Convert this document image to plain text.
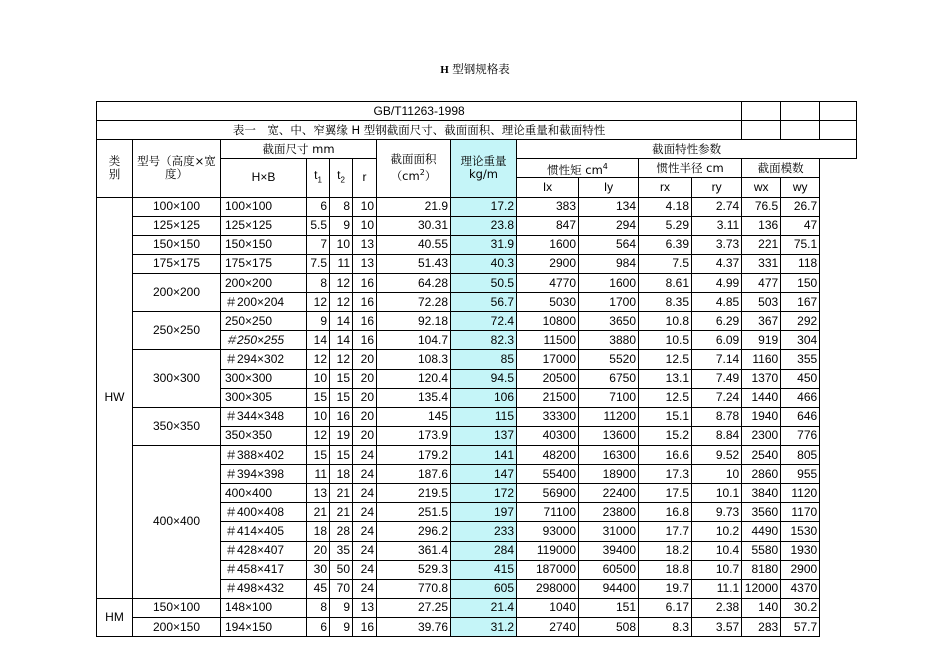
H 型钢规格表
GB/T11263-1998														
表一　宽、中、窄翼缘 H 型钢截面尺寸、截面面积、理论重量和截面特性														
类别	型号（高度×宽度）	截面尺寸 mm				截面面积$(cm^2)$	理论重量 kg/m	截面特性参数						
		H×B	$t_1$	$t_2$	r			惯性矩 $cm^4$		惯性半径 cm		截面模数		
								Ix	Iy	rx	ry	wx	wy	
HW	100×100	100×100	6	8	10	21.9	17.2	383	134	4.18	2.74	76.5	26.7	
	125×125	125×125	5.5	9	10	30.31	23.8	847	294	5.29	3.11	136	47	
	150×150	150×150	7	10	13	40.55	31.9	1600	564	6.39	3.73	221	75.1	
	175×175	175×175	7.5	11	13	51.43	40.3	2900	984	7.5	4.37	331	118	
	200×200	200×200	8	12	16	64.28	50.5	4770	1600	8.61	4.99	477	150	
		＃200×204	12	12	16	72.28	56.7	5030	1700	8.35	4.85	503	167	
	250×250	250×250	9	14	16	92.18	72.4	10800	3650	10.8	6.29	367	292	
		＃250×255	14	14	16	104.7	82.3	11500	3880	10.5	6.09	919	304	
	300×300	＃294×302	12	12	20	108.3	85	17000	5520	12.5	7.14	1160	355	
		300×300	10	15	20	120.4	94.5	20500	6750	13.1	7.49	1370	450	
		300×305	15	15	20	135.4	106	21500	7100	12.5	7.24	1440	466	
	350×350	＃344×348	10	16	20	145	115	33300	11200	15.1	8.78	1940	646	
		350×350	12	19	20	173.9	137	40300	13600	15.2	8.84	2300	776	
	400×400	＃388×402	15	15	24	179.2	141	48200	16300	16.6	9.52	2540	805	
		＃394×398	11	18	24	187.6	147	55400	18900	17.3	10	2860	955	
		400×400	13	21	24	219.5	172	56900	22400	17.5	10.1	3840	1120	
		＃400×408	21	21	24	251.5	197	71100	23800	16.8	9.73	3560	1170	
		＃414×405	18	28	24	296.2	233	93000	31000	17.7	10.2	4490	1530	
		＃428×407	20	35	24	361.4	284	119000	39400	18.2	10.4	5580	1930	
		＃458×417	30	50	24	529.3	415	187000	60500	18.8	10.7	8180	2900	
		＃498×432	45	70	24	770.8	605	298000	94400	19.7	11.1	12000	4370	
HM	150×100	148×100	8	9	13	27.25	21.4	1040	151	6.17	2.38	140	30.2	
	200×150	194×150	6	9	16	39.76	31.2	2740	508	8.3	3.57	283	57.7	
